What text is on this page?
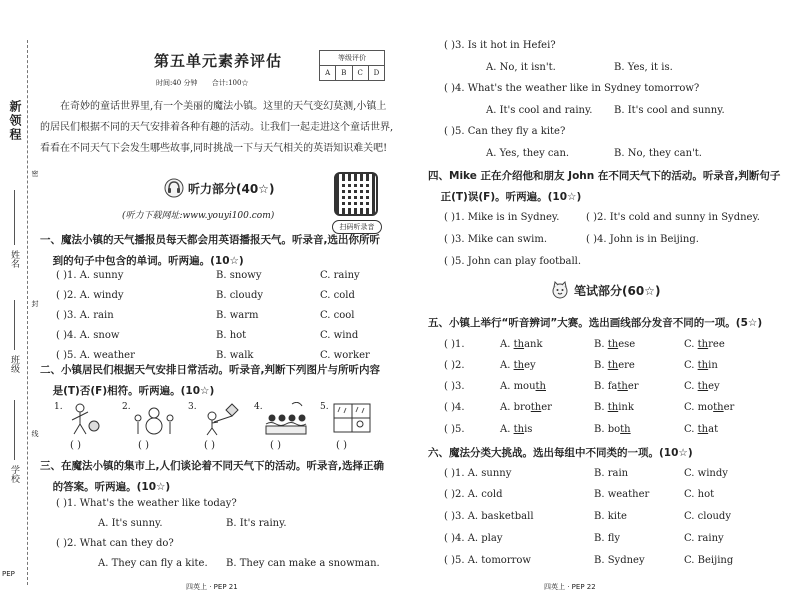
新领程
姓名
班级
学校
密
封
线
PEP
第五单元素养评估
时间:40 分钟 合计:100☆
等级评价
A	B	C	D

在奇妙的童话世界里,有一个美丽的魔法小镇。这里的天气变幻莫测,小镇上的居民们根据不同的天气安排着各种有趣的活动。让我们一起走进这个童话世界,看看在不同天气下会发生哪些故事,同时挑战一下与天气相关的英语知识难关吧!

听力部分(40☆)
(听力下载网址:www.youyi100.com)
扫码听录音
一、魔法小镇的天气播报员每天都会用英语播报天气。听录音,选出你所听
到的句子中包含的单词。听两遍。(10☆)
( )1. A. sunny	B. snowy	C. rainy
( )2. A. windy	B. cloudy	C. cold
( )3. A. rain	B. warm	C. cool
( )4. A. snow	B. hot	C. wind
( )5. A. weather	B. walk	C. worker
二、小镇居民们根据天气安排日常活动。听录音,判断下列图片与所听内容
是(T)否(F)相符。听两遍。(10☆)
1.
( )
2.
( )
3.
( )
4.
( )
5.
( )
三、在魔法小镇的集市上,人们谈论着不同天气下的活动。听录音,选择正确
的答案。听两遍。(10☆)
( )1. What's the weather like today?
A. It's sunny.	B. It's rainy.
( )2. What can they do?
A. They can fly a kite. B. They can make a snowman.
四英上 · PEP 21
( )3. Is it hot in Hefei?
A. No, it isn't.	B. Yes, it is.
( )4. What's the weather like in Sydney tomorrow?
A. It's cool and rainy. B. It's cool and sunny.
( )5. Can they fly a kite?
A. Yes, they can.	B. No, they can't.
四、Mike 正在介绍他和朋友 John 在不同天气下的活动。听录音,判断句子
正(T)误(F)。听两遍。(10☆)
( )1. Mike is in Sydney.	( )2. It's cold and sunny in Sydney.
( )3. Mike can swim.	( )4. John is in Beijing.
( )5. John can play football.
笔试部分(60☆)
五、小镇上举行“听音辨词”大赛。选出画线部分发音不同的一项。(5☆)
六、魔法分类大挑战。选出每组中不同类的一项。(10☆)
( )1. A. sunny	B. rain	C. windy
( )2. A. cold	B. weather	C. hot
( )3. A. basketball	B. kite	C. cloudy
( )4. A. play	B. fly	C. rainy
( )5. A. tomorrow	B. Sydney	C. Beijing
四英上 · PEP 22
( )1.	A. thank	B. these	C. three
( )2.	A. they	B. there	C. thin
( )3.	A. mouth	B. father	C. they
( )4.	A. brother	B. think	C. mother
( )5.	A. this	B. both	C. that
